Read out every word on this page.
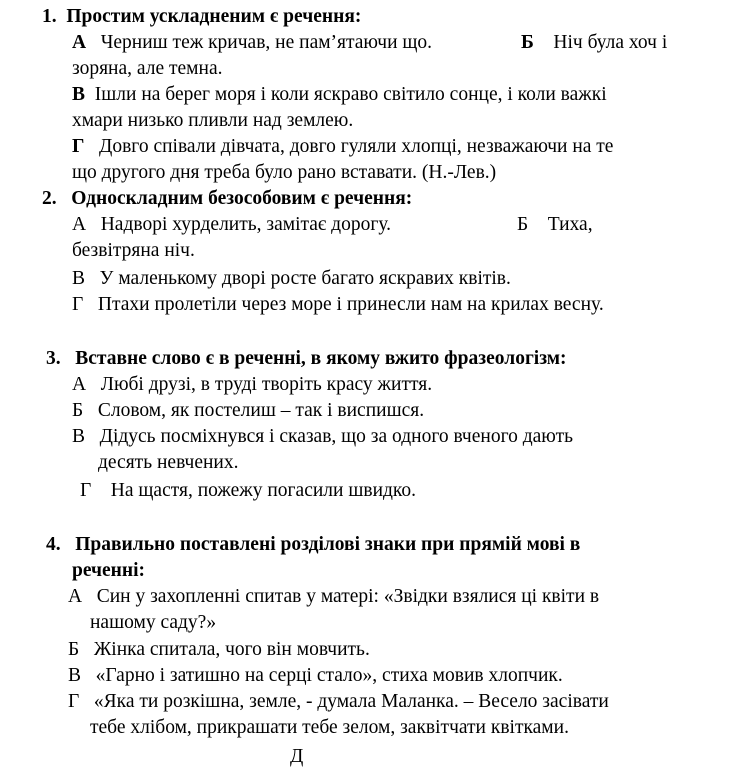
1. Простим ускладненим є речення:
А Черниш теж кричав, не пам’ятаючи що.	Б Ніч була хоч і
зоряна, але темна.
В Ішли на берег моря і коли яскраво світило сонце, і коли важкі
хмари низько пливли над землею.
Г Довго співали дівчата, довго гуляли хлопці, незважаючи на те
що другого дня треба було рано вставати. (Н.-Лев.)
2. Односкладним безособовим є речення:
А Надворі хурделить, замітає дорогу.	Б Тиха,
безвітряна ніч.
В У маленькому дворі росте багато яскравих квітів.
Г Птахи пролетіли через море і принесли нам на крилах весну.
3. Вставне слово є в реченні, в якому вжито фразеологізм:
А Любі друзі, в труді творіть красу життя.
Б Словом, як постелиш – так і виспишся.
В Дідусь посміхнувся і сказав, що за одного вченого дають
десять невчених.
Г На щастя, пожежу погасили швидко.
4. Правильно поставлені розділові знаки при прямій мові в
реченні:
А Син у захопленні спитав у матері: «Звідки взялися ці квіти в
нашому саду?»
Б Жінка спитала, чого він мовчить.
В «Гарно і затишно на серці стало», стиха мовив хлопчик.
Г «Яка ти розкішна, земле, - думала Маланка. – Весело засівати
тебе хлібом, прикрашати тебе зелом, заквітчати квітками.
Д
